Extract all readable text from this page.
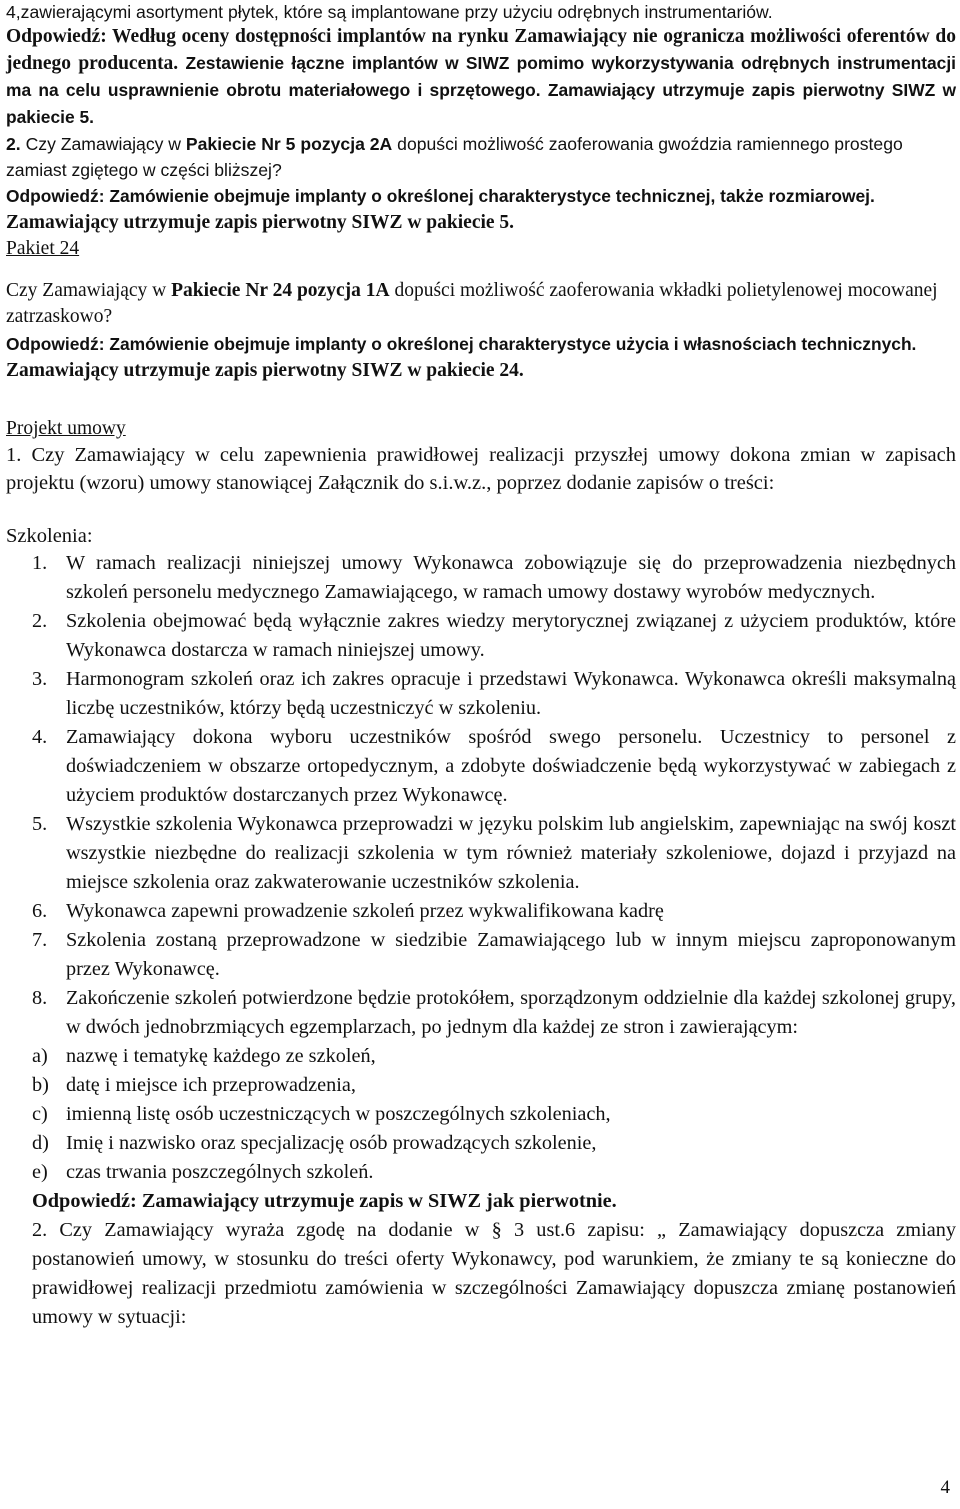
4,zawierającymi asortyment płytek, które są implantowane przy użyciu odrębnych instrumentariów.

Odpowiedź: Według oceny dostępności implantów na rynku Zamawiający nie ogranicza możliwości oferentów do jednego producenta. Zestawienie łączne implantów w SIWZ pomimo wykorzystywania odrębnych instrumentacji ma na celu usprawnienie obrotu materiałowego i sprzętowego. Zamawiający utrzymuje zapis pierwotny SIWZ w pakiecie 5.

2. Czy Zamawiający w Pakiecie Nr 5 pozycja 2A dopuści możliwość zaoferowania gwoździa ramiennego prostego zamiast zgiętego w części bliższej?

Odpowiedź: Zamówienie obejmuje implanty o określonej charakterystyce technicznej, także rozmiarowej. Zamawiający utrzymuje zapis pierwotny SIWZ w pakiecie 5.

Pakiet 24

Czy Zamawiający w Pakiecie Nr 24 pozycja 1A dopuści możliwość zaoferowania wkładki polietylenowej mocowanej zatrzaskowo?

Odpowiedź: Zamówienie obejmuje implanty o określonej charakterystyce użycia i własnościach technicznych. Zamawiający utrzymuje zapis pierwotny SIWZ w pakiecie 24.

Projekt umowy

1. Czy Zamawiający w celu zapewnienia prawidłowej realizacji przyszłej umowy dokona zmian w zapisach projektu (wzoru) umowy stanowiącej Załącznik do s.i.w.z., poprzez dodanie zapisów o treści:

Szkolenia:

1. W ramach realizacji niniejszej umowy Wykonawca zobowiązuje się do przeprowadzenia niezbędnych szkoleń personelu medycznego Zamawiającego, w ramach umowy dostawy wyrobów medycznych.
2. Szkolenia obejmować będą wyłącznie zakres wiedzy merytorycznej związanej z użyciem produktów, które Wykonawca dostarcza w ramach niniejszej umowy.
3. Harmonogram szkoleń oraz ich zakres opracuje i przedstawi Wykonawca. Wykonawca określi maksymalną liczbę uczestników, którzy będą uczestniczyć w szkoleniu.
4. Zamawiający dokona wyboru uczestników spośród swego personelu. Uczestnicy to personel z doświadczeniem w obszarze ortopedycznym, a zdobyte doświadczenie będą wykorzystywać w zabiegach z użyciem produktów dostarczanych przez Wykonawcę.
5. Wszystkie szkolenia Wykonawca przeprowadzi w języku polskim lub angielskim, zapewniając na swój koszt wszystkie niezbędne do realizacji szkolenia w tym również materiały szkoleniowe, dojazd i przyjazd na miejsce szkolenia oraz zakwaterowanie uczestników szkolenia.
6. Wykonawca zapewni prowadzenie szkoleń przez wykwalifikowana kadrę
7. Szkolenia zostaną przeprowadzone w siedzibie Zamawiającego lub w innym miejscu zaproponowanym przez Wykonawcę.
8. Zakończenie szkoleń potwierdzone będzie protokółem, sporządzonym oddzielnie dla każdej szkolonej grupy, w dwóch jednobrzmiących egzemplarzach, po jednym dla każdej ze stron i zawierającym:
a) nazwę i tematykę każdego ze szkoleń,
b) datę i miejsce ich przeprowadzenia,
c) imienną listę osób uczestniczących w poszczególnych szkoleniach,
d) Imię i nazwisko oraz specjalizację osób prowadzących szkolenie,
e) czas trwania poszczególnych szkoleń.

Odpowiedź: Zamawiający utrzymuje zapis w SIWZ jak pierwotnie.

2. Czy Zamawiający wyraża zgodę na dodanie w § 3 ust.6 zapisu: „ Zamawiający dopuszcza zmiany postanowień umowy, w stosunku do treści oferty Wykonawcy, pod warunkiem, że zmiany te są konieczne do prawidłowej realizacji przedmiotu zamówienia w szczególności Zamawiający dopuszcza zmianę postanowień umowy w sytuacji:

4
